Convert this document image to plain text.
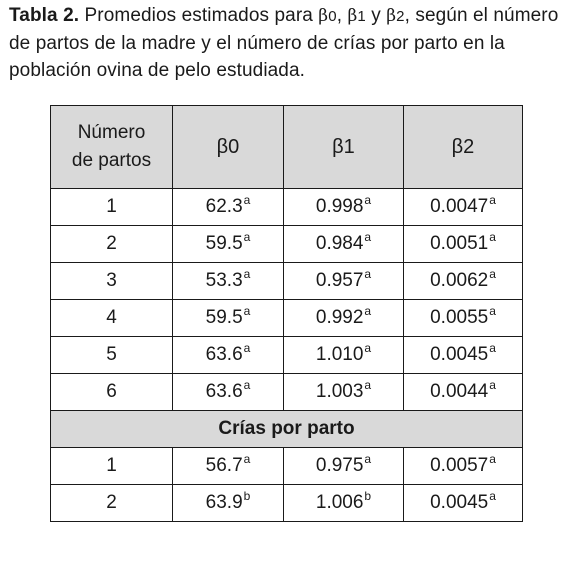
Tabla 2. Promedios estimados para β0, β1 y β2, según el número de partos de la madre y el número de crías por parto en la población ovina de pelo estudiada.
Número
de partos	β0	β1	β2
1	62.3$^a$	0.998$^a$	0.0047$^a$
2	59.5$^a$	0.984$^a$	0.0051$^a$
3	53.3$^a$	0.957$^a$	0.0062$^a$
4	59.5$^a$	0.992$^a$	0.0055$^a$
5	63.6$^a$	1.010$^a$	0.0045$^a$
6	63.6$^a$	1.003$^a$	0.0044$^a$
Crías por parto			
1	56.7$^a$	0.975$^a$	0.0057$^a$
2	63.9$^b$	1.006$^b$	0.0045$^a$
